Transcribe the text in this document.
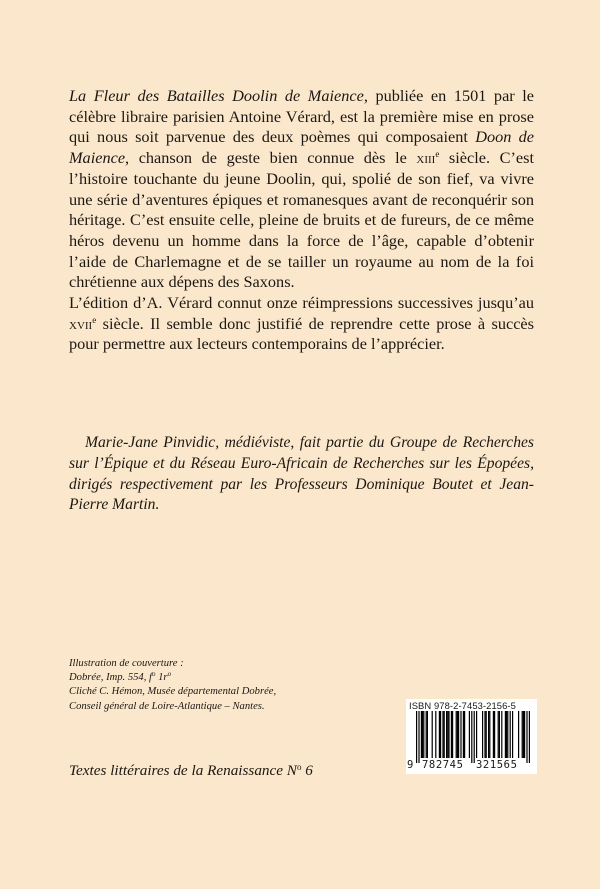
La Fleur des Batailles Doolin de Maience, publiée en 1501 par le célèbre libraire parisien Antoine Vérard, est la première mise en prose qui nous soit parvenue des deux poèmes qui composaient Doon de Maience, chanson de geste bien connue dès le xiii$^e$ siècle. C’est l’histoire touchante du jeune Doolin, qui, spolié de son fief, va vivre une série d’aventures épiques et romanesques avant de reconquérir son héritage. C’est ensuite celle, pleine de bruits et de fureurs, de ce même héros devenu un homme dans la force de l’âge, capable d’obtenir l’aide de Charlemagne et de se tailler un royaume au nom de la foi chrétienne aux dépens des Saxons.

L’édition d’A. Vérard connut onze réimpressions successives jusqu’au xvii$^e$ siècle. Il semble donc justifié de reprendre cette prose à succès pour permettre aux lecteurs contemporains de l’apprécier.

Marie-Jane Pinvidic, médiéviste, fait partie du Groupe de Recherches sur l’Épique et du Réseau Euro-Africain de Recherches sur les Épopées, dirigés respectivement par les Professeurs Dominique Boutet et Jean-Pierre Martin.

Illustration de couverture :
Dobrée, Imp. 554, $f^o$ $1r^o$
Cliché C. Hémon, Musée départemental Dobrée,
Conseil général de Loire-Atlantique – Nantes.
Textes littéraires de la Renaissance $N^o$ 6
ISBN 978-2-7453-2156-5
9 782745 321565
